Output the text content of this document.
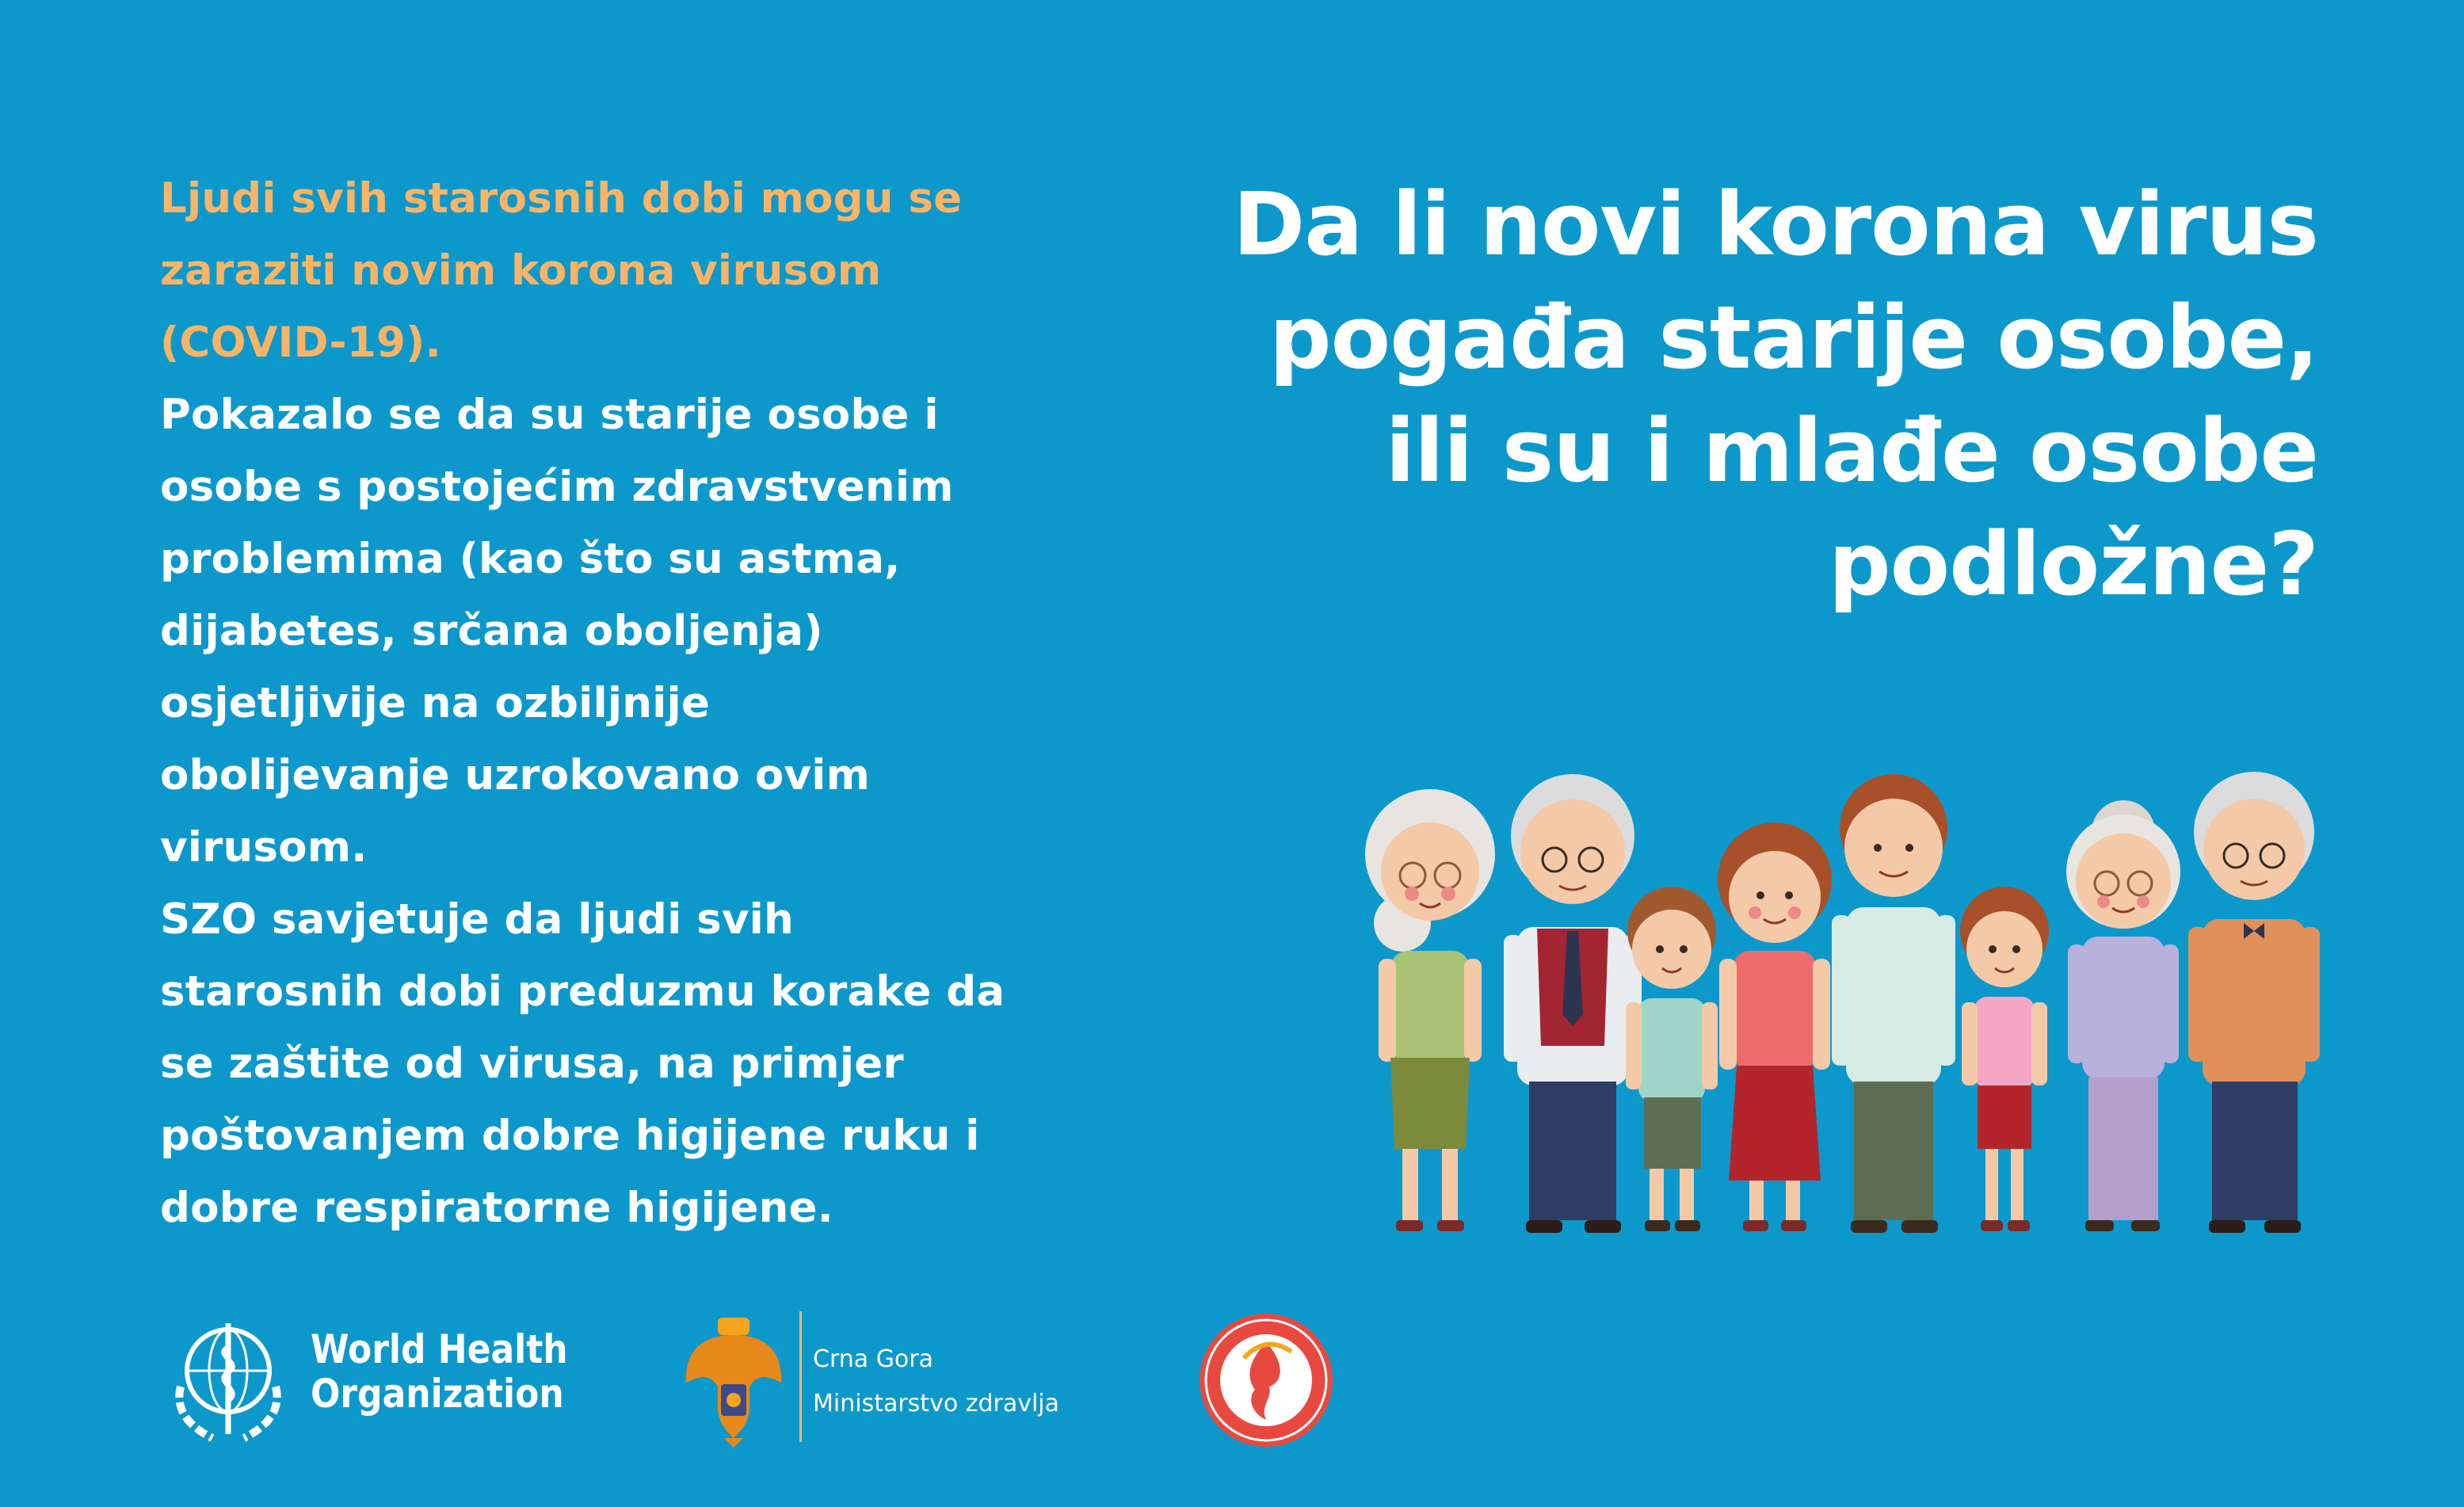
Ljudi svih starosnih dobi mogu se
zaraziti novim korona virusom
(COVID-19).
Pokazalo se da su starije osobe i
osobe s postojećim zdravstvenim
problemima (kao što su astma,
dijabetes, srčana oboljenja)
osjetljivije na ozbiljnije
obolijevanje uzrokovano ovim
virusom.
SZO savjetuje da ljudi svih
starosnih dobi preduzmu korake da
se zaštite od virusa, na primjer
poštovanjem dobre higijene ruku i
dobre respiratorne higijene.
Da li novi korona virus
pogađa starije osobe,
ili su i mlađe osobe
podložne?
World Health
Organization
Crna Gora
Ministarstvo zdravlja
